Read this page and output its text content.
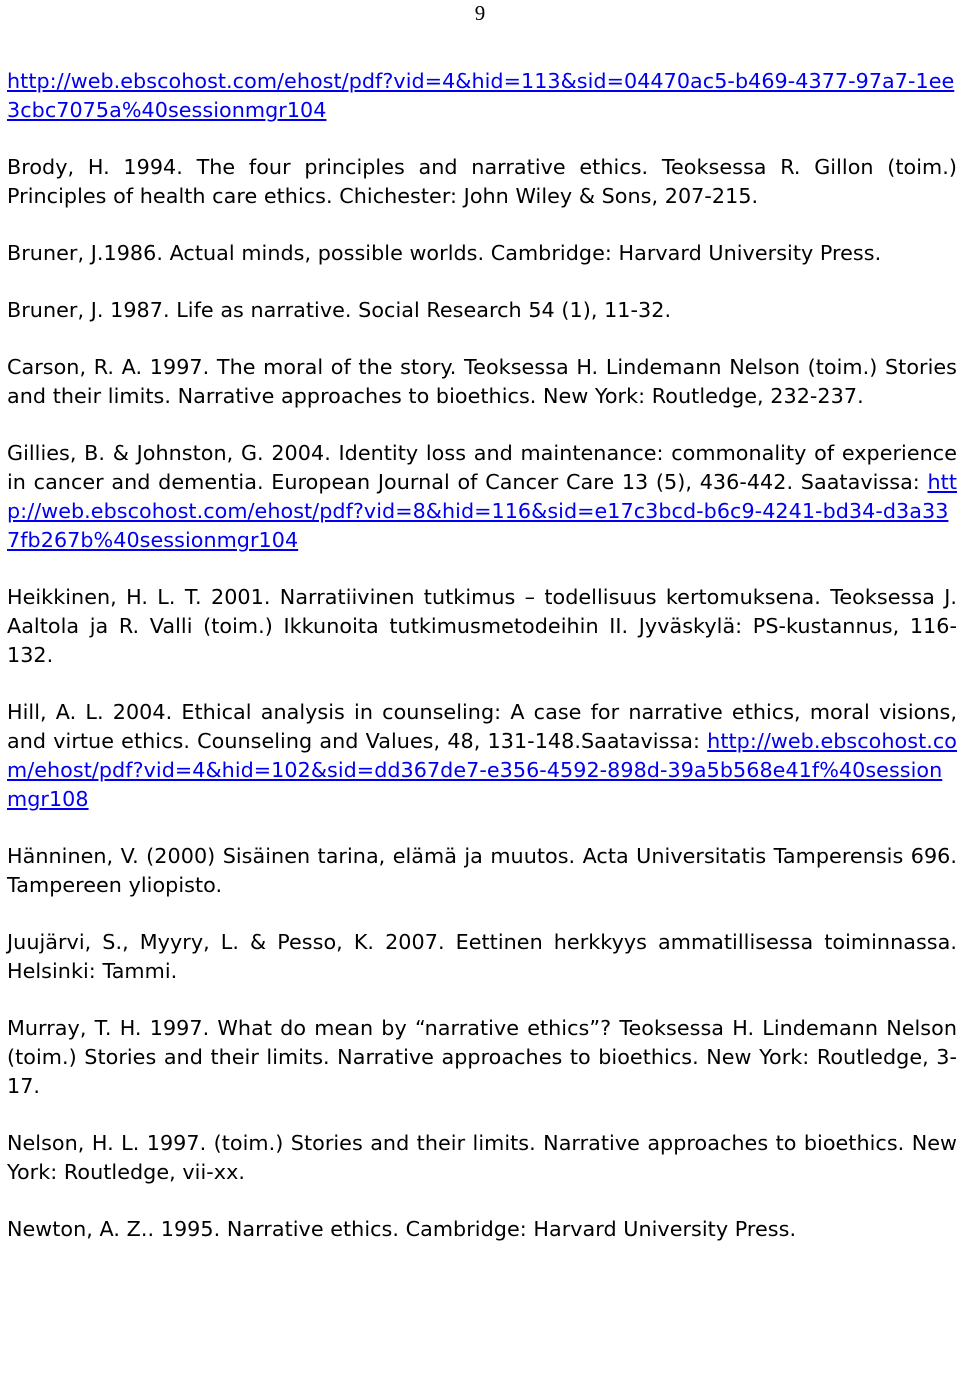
9

http://web.ebscohost.com/ehost/pdf?vid=4&hid=113&sid=04470ac5-b469-4377-97a7-1ee3cbc7075a%40sessionmgr104

Brody, H. 1994. The four principles and narrative ethics. Teoksessa R. Gillon (toim.) Principles of health care ethics. Chichester: John Wiley & Sons, 207-215.

Bruner, J.1986. Actual minds, possible worlds. Cambridge: Harvard University Press.

Bruner, J. 1987. Life as narrative. Social Research 54 (1), 11-32.

Carson, R. A. 1997. The moral of the story. Teoksessa H. Lindemann Nelson (toim.) Stories and their limits. Narrative approaches to bioethics. New York: Routledge, 232-237.

Gillies, B. & Johnston, G. 2004. Identity loss and maintenance: commonality of experience in cancer and dementia. European Journal of Cancer Care 13 (5), 436-442. Saatavissa: http://web.ebscohost.com/ehost/pdf?vid=8&hid=116&sid=e17c3bcd-b6c9-4241-bd34-d3a337fb267b%40sessionmgr104

Heikkinen, H. L. T. 2001. Narratiivinen tutkimus – todellisuus kertomuksena. Teoksessa J. Aaltola ja R. Valli (toim.) Ikkunoita tutkimusmetodeihin II. Jyväskylä: PS-kustannus, 116-132.

Hill, A. L. 2004. Ethical analysis in counseling: A case for narrative ethics, moral visions, and virtue ethics. Counseling and Values, 48, 131-148.Saatavissa: http://web.ebscohost.com/ehost/pdf?vid=4&hid=102&sid=dd367de7-e356-4592-898d-39a5b568e41f%40sessionmgr108

Hänninen, V. (2000) Sisäinen tarina, elämä ja muutos. Acta Universitatis Tamperensis 696. Tampereen yliopisto.

Juujärvi, S., Myyry, L. & Pesso, K. 2007. Eettinen herkkyys ammatillisessa toiminnassa. Helsinki: Tammi.

Murray, T. H. 1997. What do mean by “narrative ethics”? Teoksessa H. Lindemann Nelson (toim.) Stories and their limits. Narrative approaches to bioethics. New York: Routledge, 3-17.

Nelson, H. L. 1997. (toim.) Stories and their limits. Narrative approaches to bioethics. New York: Routledge, vii-xx.

Newton, A. Z.. 1995. Narrative ethics. Cambridge: Harvard University Press.
